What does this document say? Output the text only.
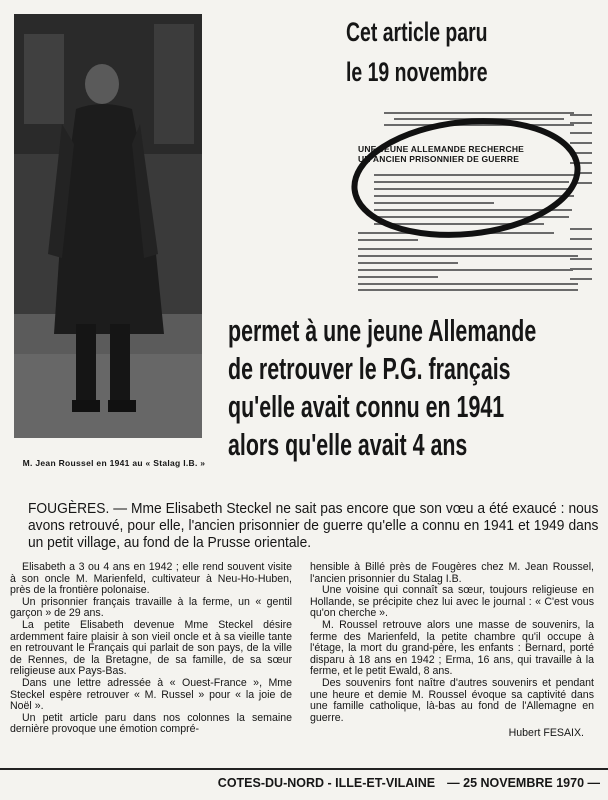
M. Jean Roussel en 1941 au « Stalag I.B. »
Cet article paru
le 19 novembre
UNE JEUNE ALLEMANDE RECHERCHE
UN ANCIEN PRISONNIER DE GUERRE
permet à une jeune Allemande
de retrouver le P.G. français
qu'elle avait connu en 1941
alors qu'elle avait 4 ans
FOUGÈRES. — Mme Elisabeth Steckel ne sait pas encore que son vœu a été exaucé : nous avons retrouvé, pour elle, l'ancien prisonnier de guerre qu'elle a connu en 1941 et 1949 dans un petit village, au fond de la Prusse orientale.

Elisabeth a 3 ou 4 ans en 1942 ; elle rend souvent visite à son oncle M. Marienfeld, cultivateur à Neu-Ho-Huben, près de la frontière polonaise.

Un prisonnier français travaille à la ferme, un « gentil garçon » de 29 ans.

La petite Elisabeth devenue Mme Steckel désire ardemment faire plaisir à son vieil oncle et à sa vieille tante en retrouvant le Français qui parlait de son pays, de la ville de Rennes, de la Bretagne, de sa famille, de sa sœur religieuse aux Pays-Bas.

Dans une lettre adressée à « Ouest-France », Mme Steckel espère retrouver « M. Russel » pour « la joie de Noël ».

Un petit article paru dans nos colonnes la semaine dernière provoque une émotion compré-

hensible à Billé près de Fougères chez M. Jean Roussel, l'ancien prisonnier du Stalag I.B.

Une voisine qui connaît sa sœur, toujours religieuse en Hollande, se précipite chez lui avec le journal : « C'est vous qu'on cherche ».

M. Roussel retrouve alors une masse de souvenirs, la ferme des Marienfeld, la petite chambre qu'il occupe à l'étage, la mort du grand-père, les enfants : Bernard, porté disparu à 18 ans en 1942 ; Erma, 16 ans, qui travaille à la ferme, et le petit Ewald, 8 ans.

Des souvenirs font naître d'autres souvenirs et pendant une heure et demie M. Roussel évoque sa captivité dans une famille catholique, là-bas au fond de l'Allemagne en guerre.

Hubert FESAIX.
COTES-DU-NORD - ILLE-ET-VILAINE — 25 NOVEMBRE 1970 —
